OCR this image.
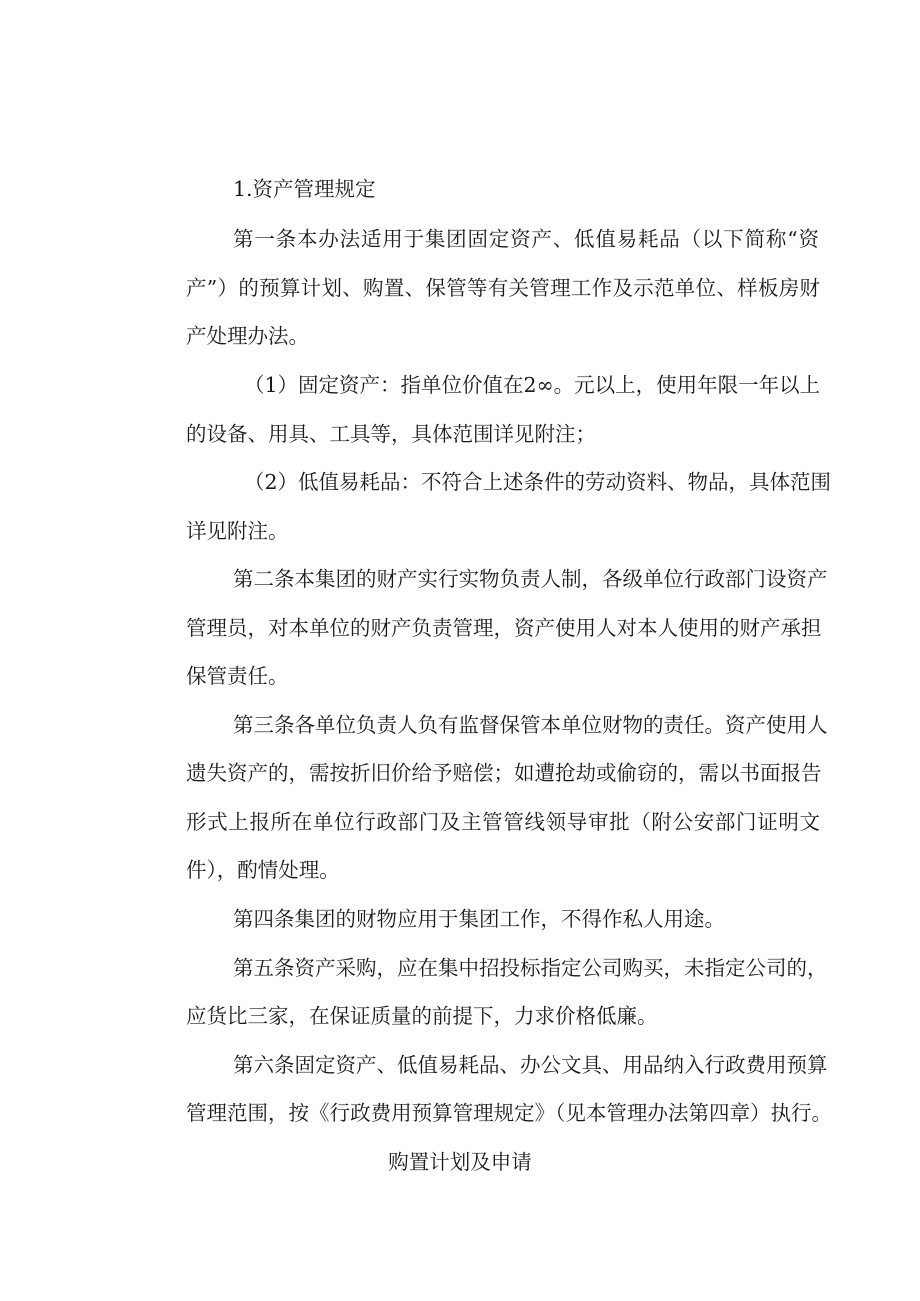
1.资产管理规定
第一条本办法适用于集团固定资产、低值易耗品（以下简称“资
产”）的预算计划、购置、保管等有关管理工作及示范单位、样板房财
产处理办法。
（1）固定资产：指单位价值在2∞。元以上，使用年限一年以上
的设备、用具、工具等，具体范围详见附注；
（2）低值易耗品：不符合上述条件的劳动资料、物品，具体范围
详见附注。
第二条本集团的财产实行实物负责人制，各级单位行政部门设资产
管理员，对本单位的财产负责管理，资产使用人对本人使用的财产承担
保管责任。
第三条各单位负责人负有监督保管本单位财物的责任。资产使用人
遗失资产的，需按折旧价给予赔偿；如遭抢劫或偷窃的，需以书面报告
形式上报所在单位行政部门及主管管线领导审批（附公安部门证明文
件），酌情处理。
第四条集团的财物应用于集团工作，不得作私人用途。
第五条资产采购，应在集中招投标指定公司购买，未指定公司的，
应货比三家，在保证质量的前提下，力求价格低廉。
第六条固定资产、低值易耗品、办公文具、用品纳入行政费用预算
管理范围，按《行政费用预算管理规定》（见本管理办法第四章）执行。
购置计划及申请
